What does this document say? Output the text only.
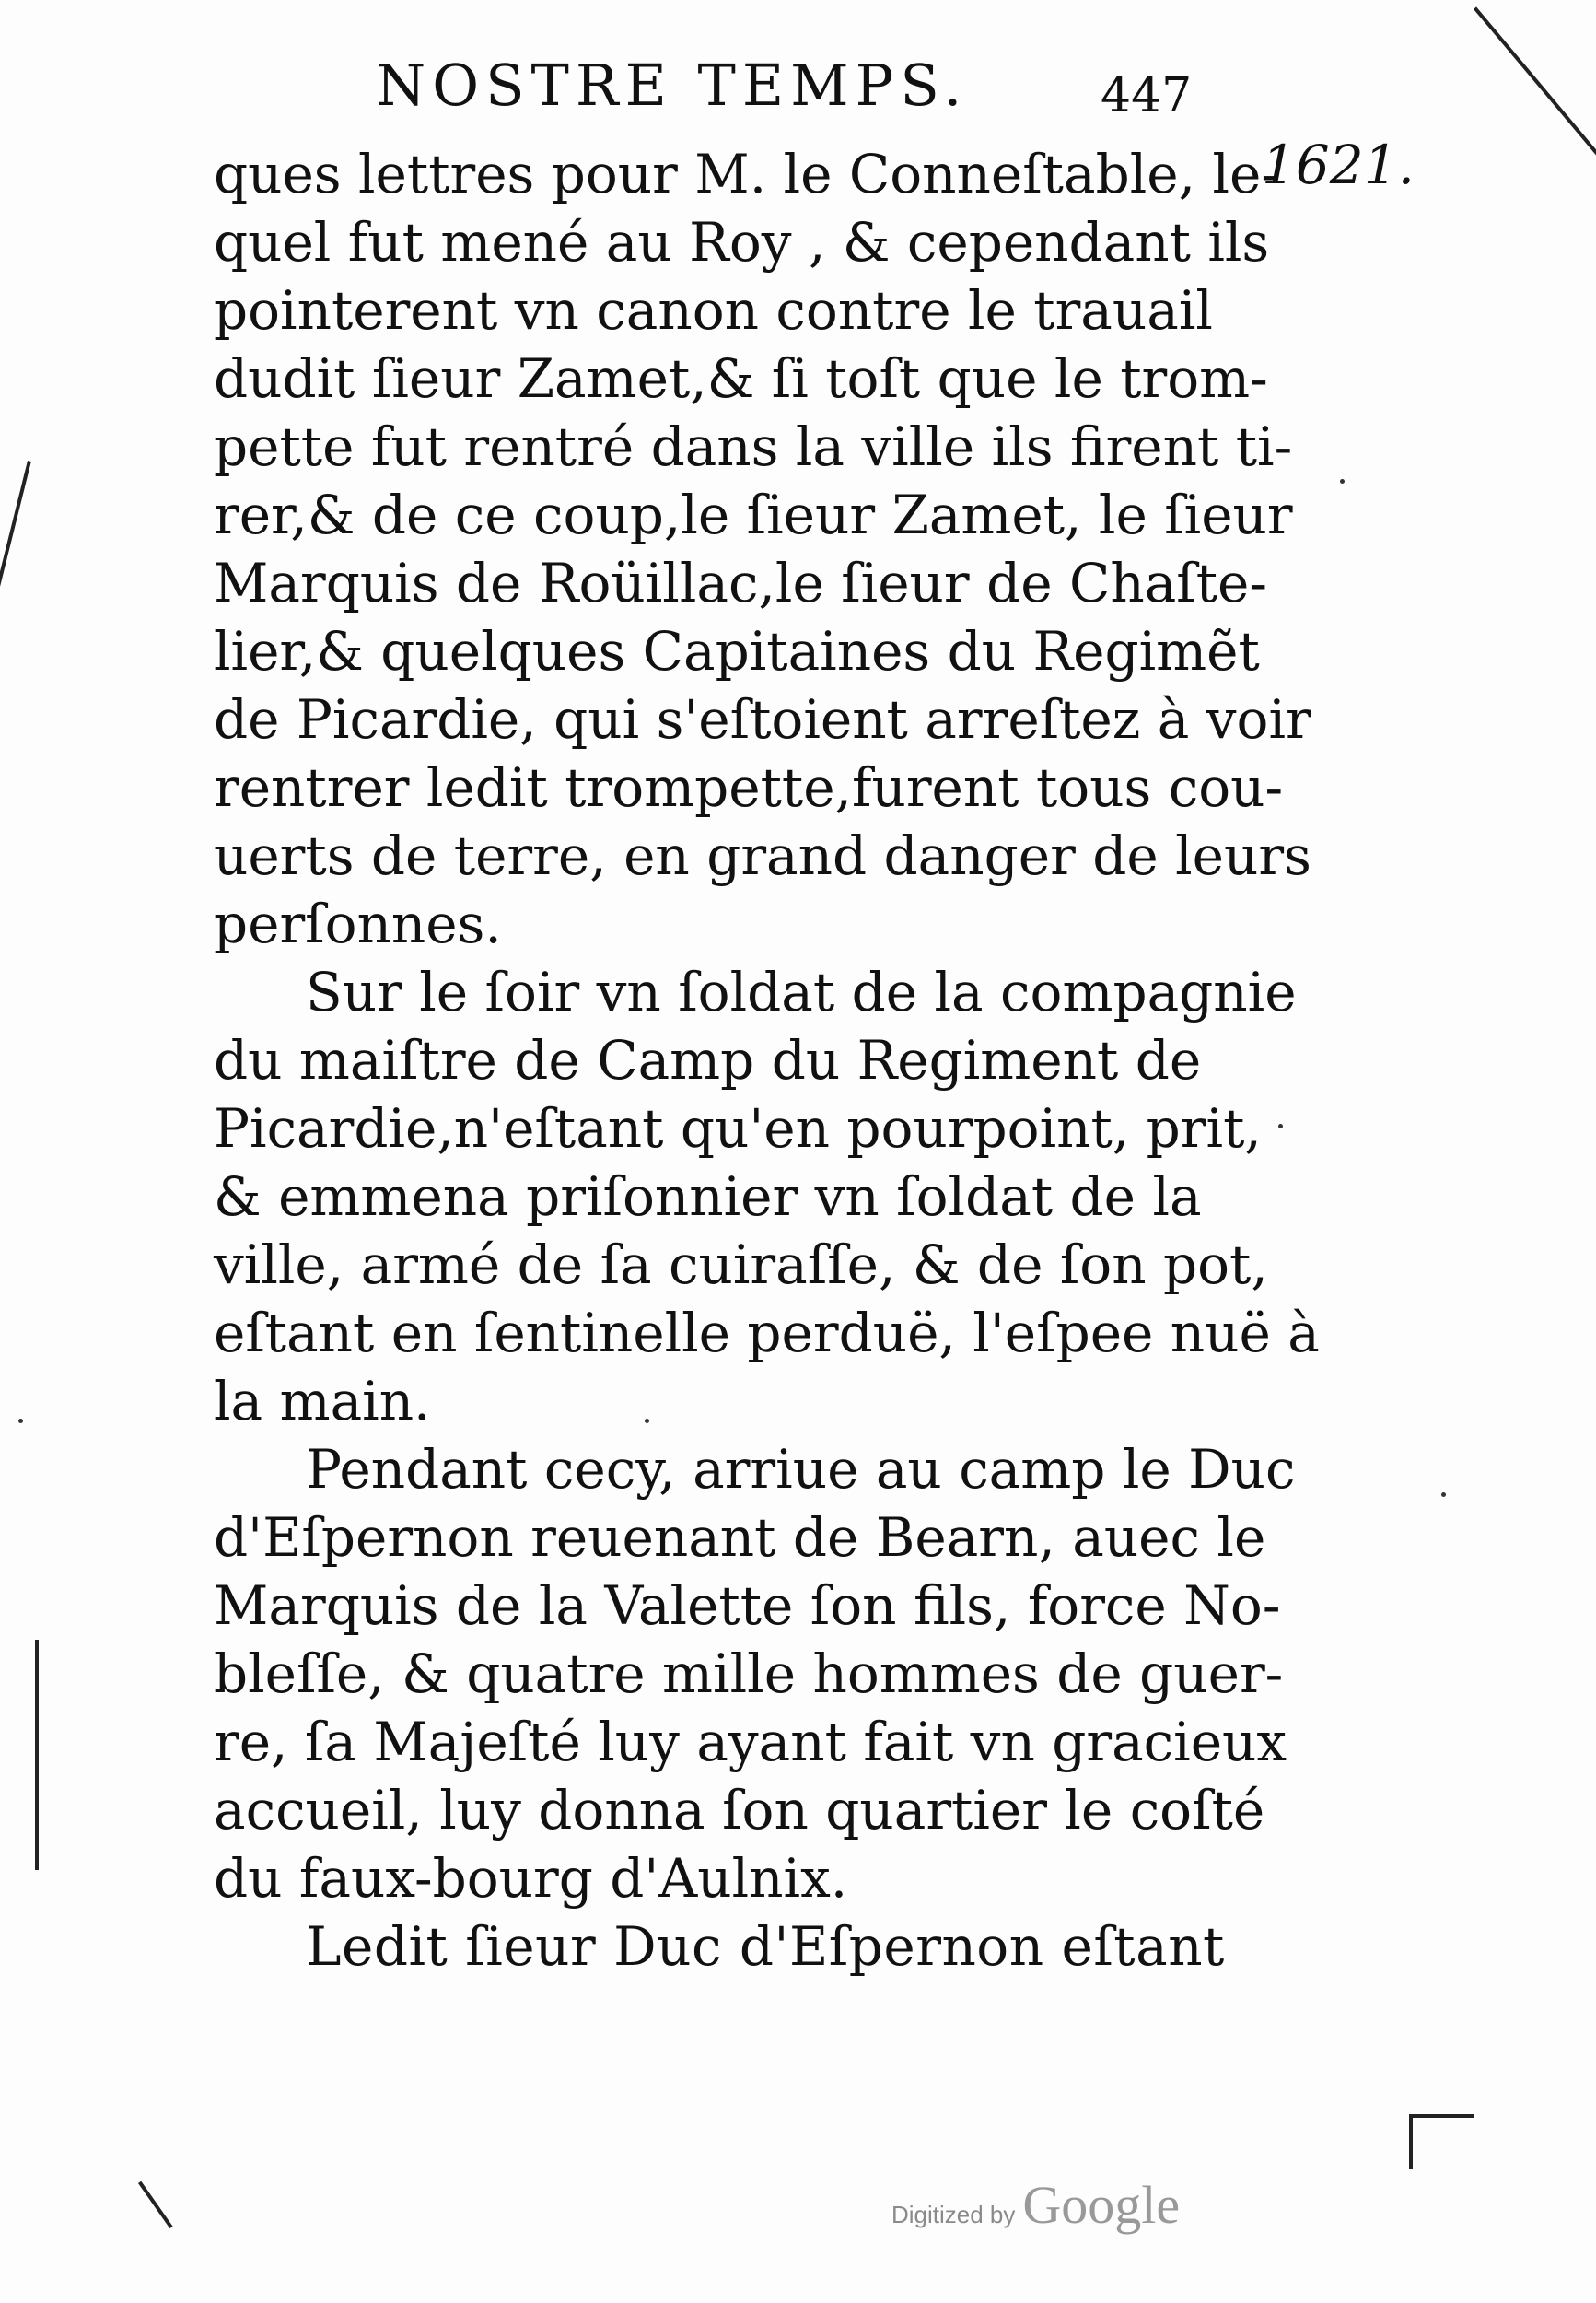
NOSTRE TEMPS.	447
1621.
ques lettres pour M. le Conneſtable, le-
quel fut mené au Roy , & cependant ils
pointerent vn canon contre le trauail
dudit ſieur Zamet,& ſi toſt que le trom-
pette fut rentré dans la ville ils firent ti-
rer,& de ce coup,le ſieur Zamet, le ſieur
Marquis de Roüillac,le ſieur de Chaſte-
lier,& quelques Capitaines du Regimẽt
de Picardie, qui s'eſtoient arreſtez à voir
rentrer ledit trompette,furent tous cou-
uerts de terre, en grand danger de leurs
perſonnes.
Sur le ſoir vn ſoldat de la compagnie
du maiſtre de Camp du Regiment de
Picardie,n'eſtant qu'en pourpoint, prit,
& emmena priſonnier vn ſoldat de la
ville, armé de ſa cuiraſſe, & de ſon pot,
eſtant en ſentinelle perduë, l'eſpee nuë à
la main.
Pendant cecy, arriue au camp le Duc
d'Eſpernon reuenant de Bearn, auec le
Marquis de la Valette ſon fils, force No-
bleſſe, & quatre mille hommes de guer-
re, ſa Majeſté luy ayant fait vn gracieux
accueil, luy donna ſon quartier le coſté
du faux-bourg d'Aulnix.
Ledit ſieur Duc d'Eſpernon eſtant
Digitized by Google
